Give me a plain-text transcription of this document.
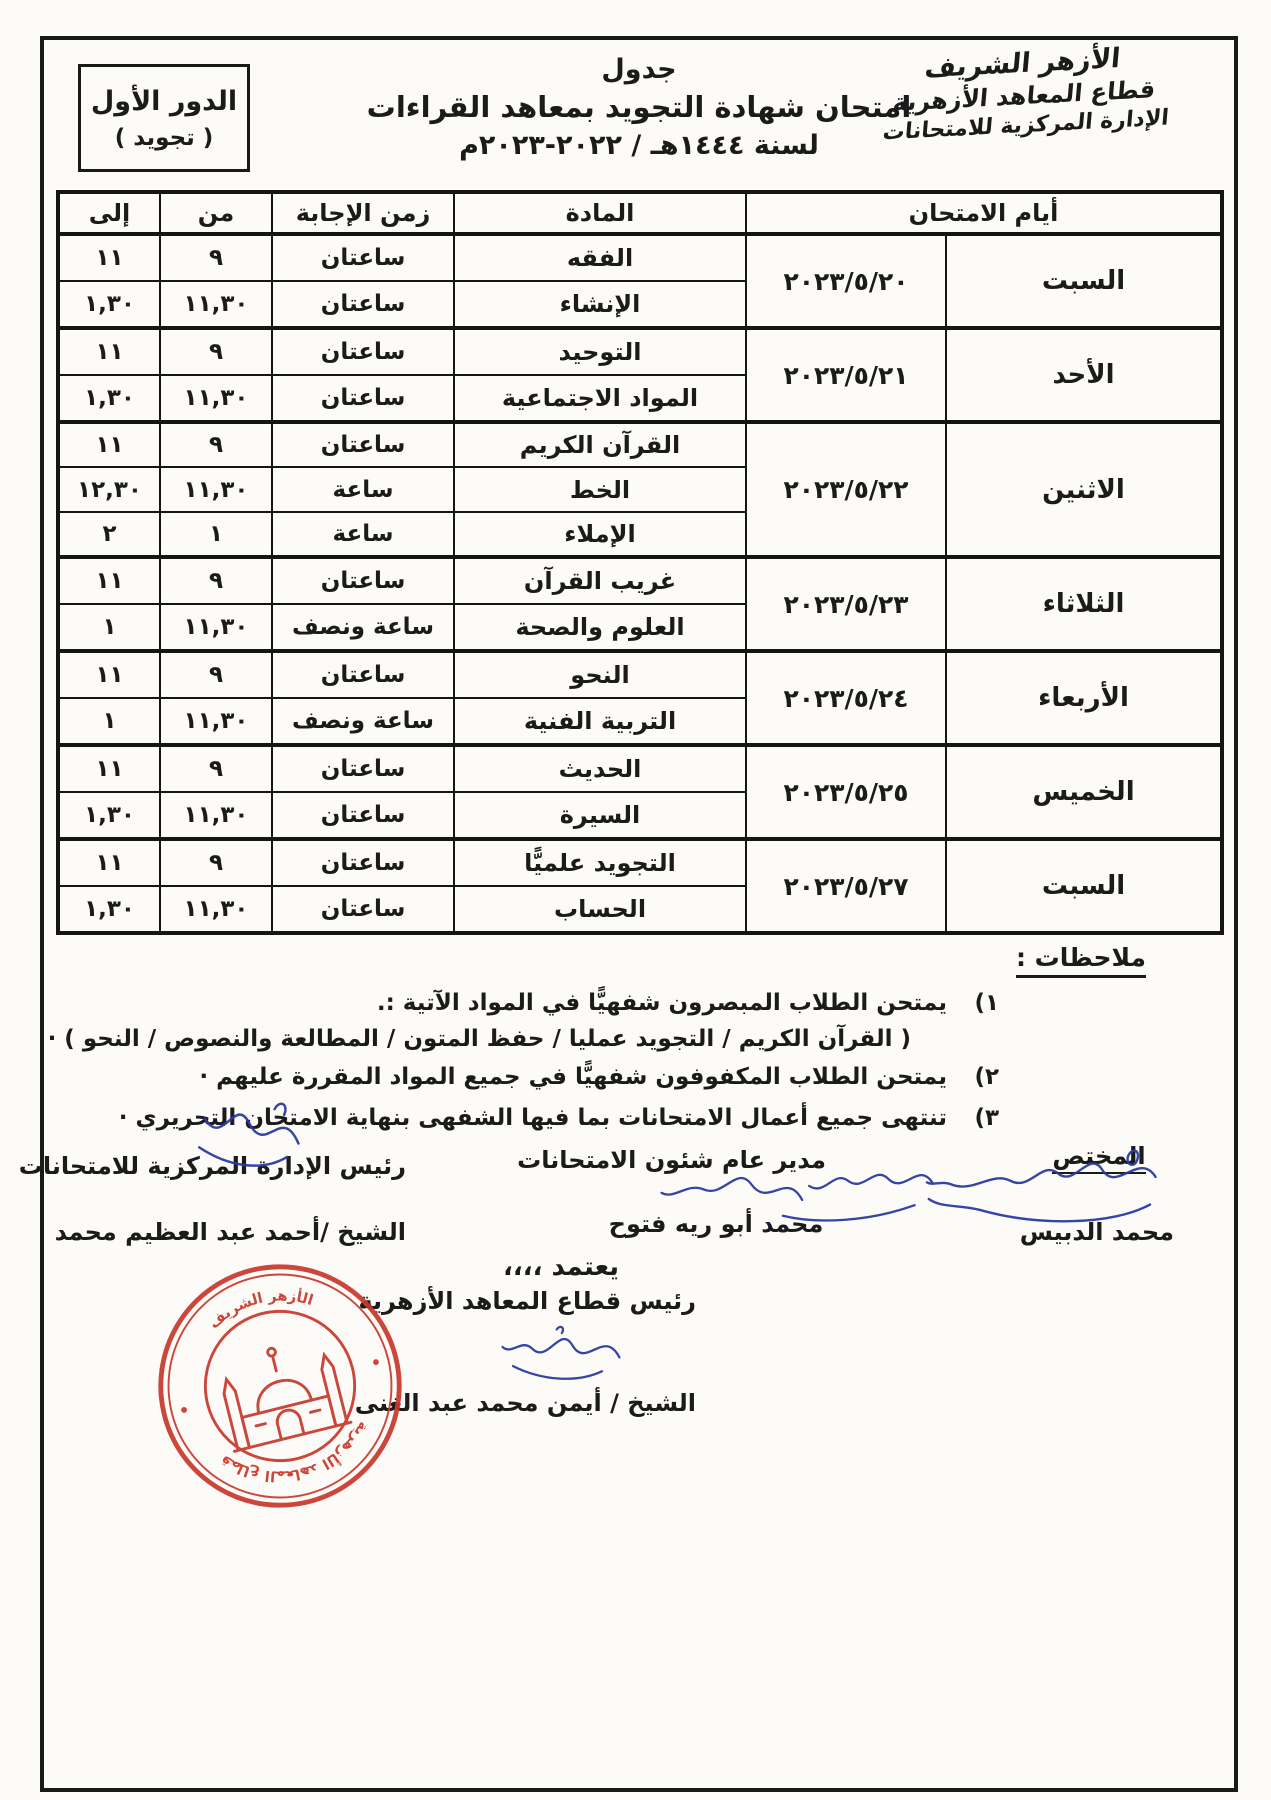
الدور الأول
( تجويد )
جدول
امتحان شهادة التجويد بمعاهد القراءات
لسنة ١٤٤٤هـ / ٢٠٢٢-٢٠٢٣م
الأزهر الشريف
قطاع المعاهد الأزهرية
الإدارة المركزية للامتحانات
أيام الامتحان		المادة	زمن الإجابة	من	إلى
السبت	٢٠٢٣/٥/٢٠	الفقه	ساعتان	٩	١١
		الإنشاء	ساعتان	١١,٣٠	١,٣٠
الأحد	٢٠٢٣/٥/٢١	التوحيد	ساعتان	٩	١١
		المواد الاجتماعية	ساعتان	١١,٣٠	١,٣٠
الاثنين	٢٠٢٣/٥/٢٢	القرآن الكريم	ساعتان	٩	١١
		الخط	ساعة	١١,٣٠	١٢,٣٠
		الإملاء	ساعة	١	٢
الثلاثاء	٢٠٢٣/٥/٢٣	غريب القرآن	ساعتان	٩	١١
		العلوم والصحة	ساعة ونصف	١١,٣٠	١
الأربعاء	٢٠٢٣/٥/٢٤	النحو	ساعتان	٩	١١
		التربية الفنية	ساعة ونصف	١١,٣٠	١
الخميس	٢٠٢٣/٥/٢٥	الحديث	ساعتان	٩	١١
		السيرة	ساعتان	١١,٣٠	١,٣٠
السبت	٢٠٢٣/٥/٢٧	التجويد علميًّا	ساعتان	٩	١١
		الحساب	ساعتان	١١,٣٠	١,٣٠
ملاحظات :
١)
يمتحن الطلاب المبصرون شفهيًّا في المواد الآتية :.
( القرآن الكريم / التجويد عمليا / حفظ المتون / المطالعة والنصوص / النحو ) ·
٢)
يمتحن الطلاب المكفوفون شفهيًّا في جميع المواد المقررة عليهم ·
٣)
تنتهى جميع أعمال الامتحانات بما فيها الشفهى بنهاية الامتحان التحريري ·
المختص
محمد الدبيس
مدير عام شئون الامتحانات
محمد أبو ريه فتوح
رئيس الإدارة المركزية للامتحانات
الشيخ /أحمد عبد العظيم محمد
يعتمد ،،،،
رئيس قطاع المعاهد الأزهرية
الشيخ / أيمن محمد عبد الغنى
الأزهر الشريف
قطاع المعاهد الأزهرية
